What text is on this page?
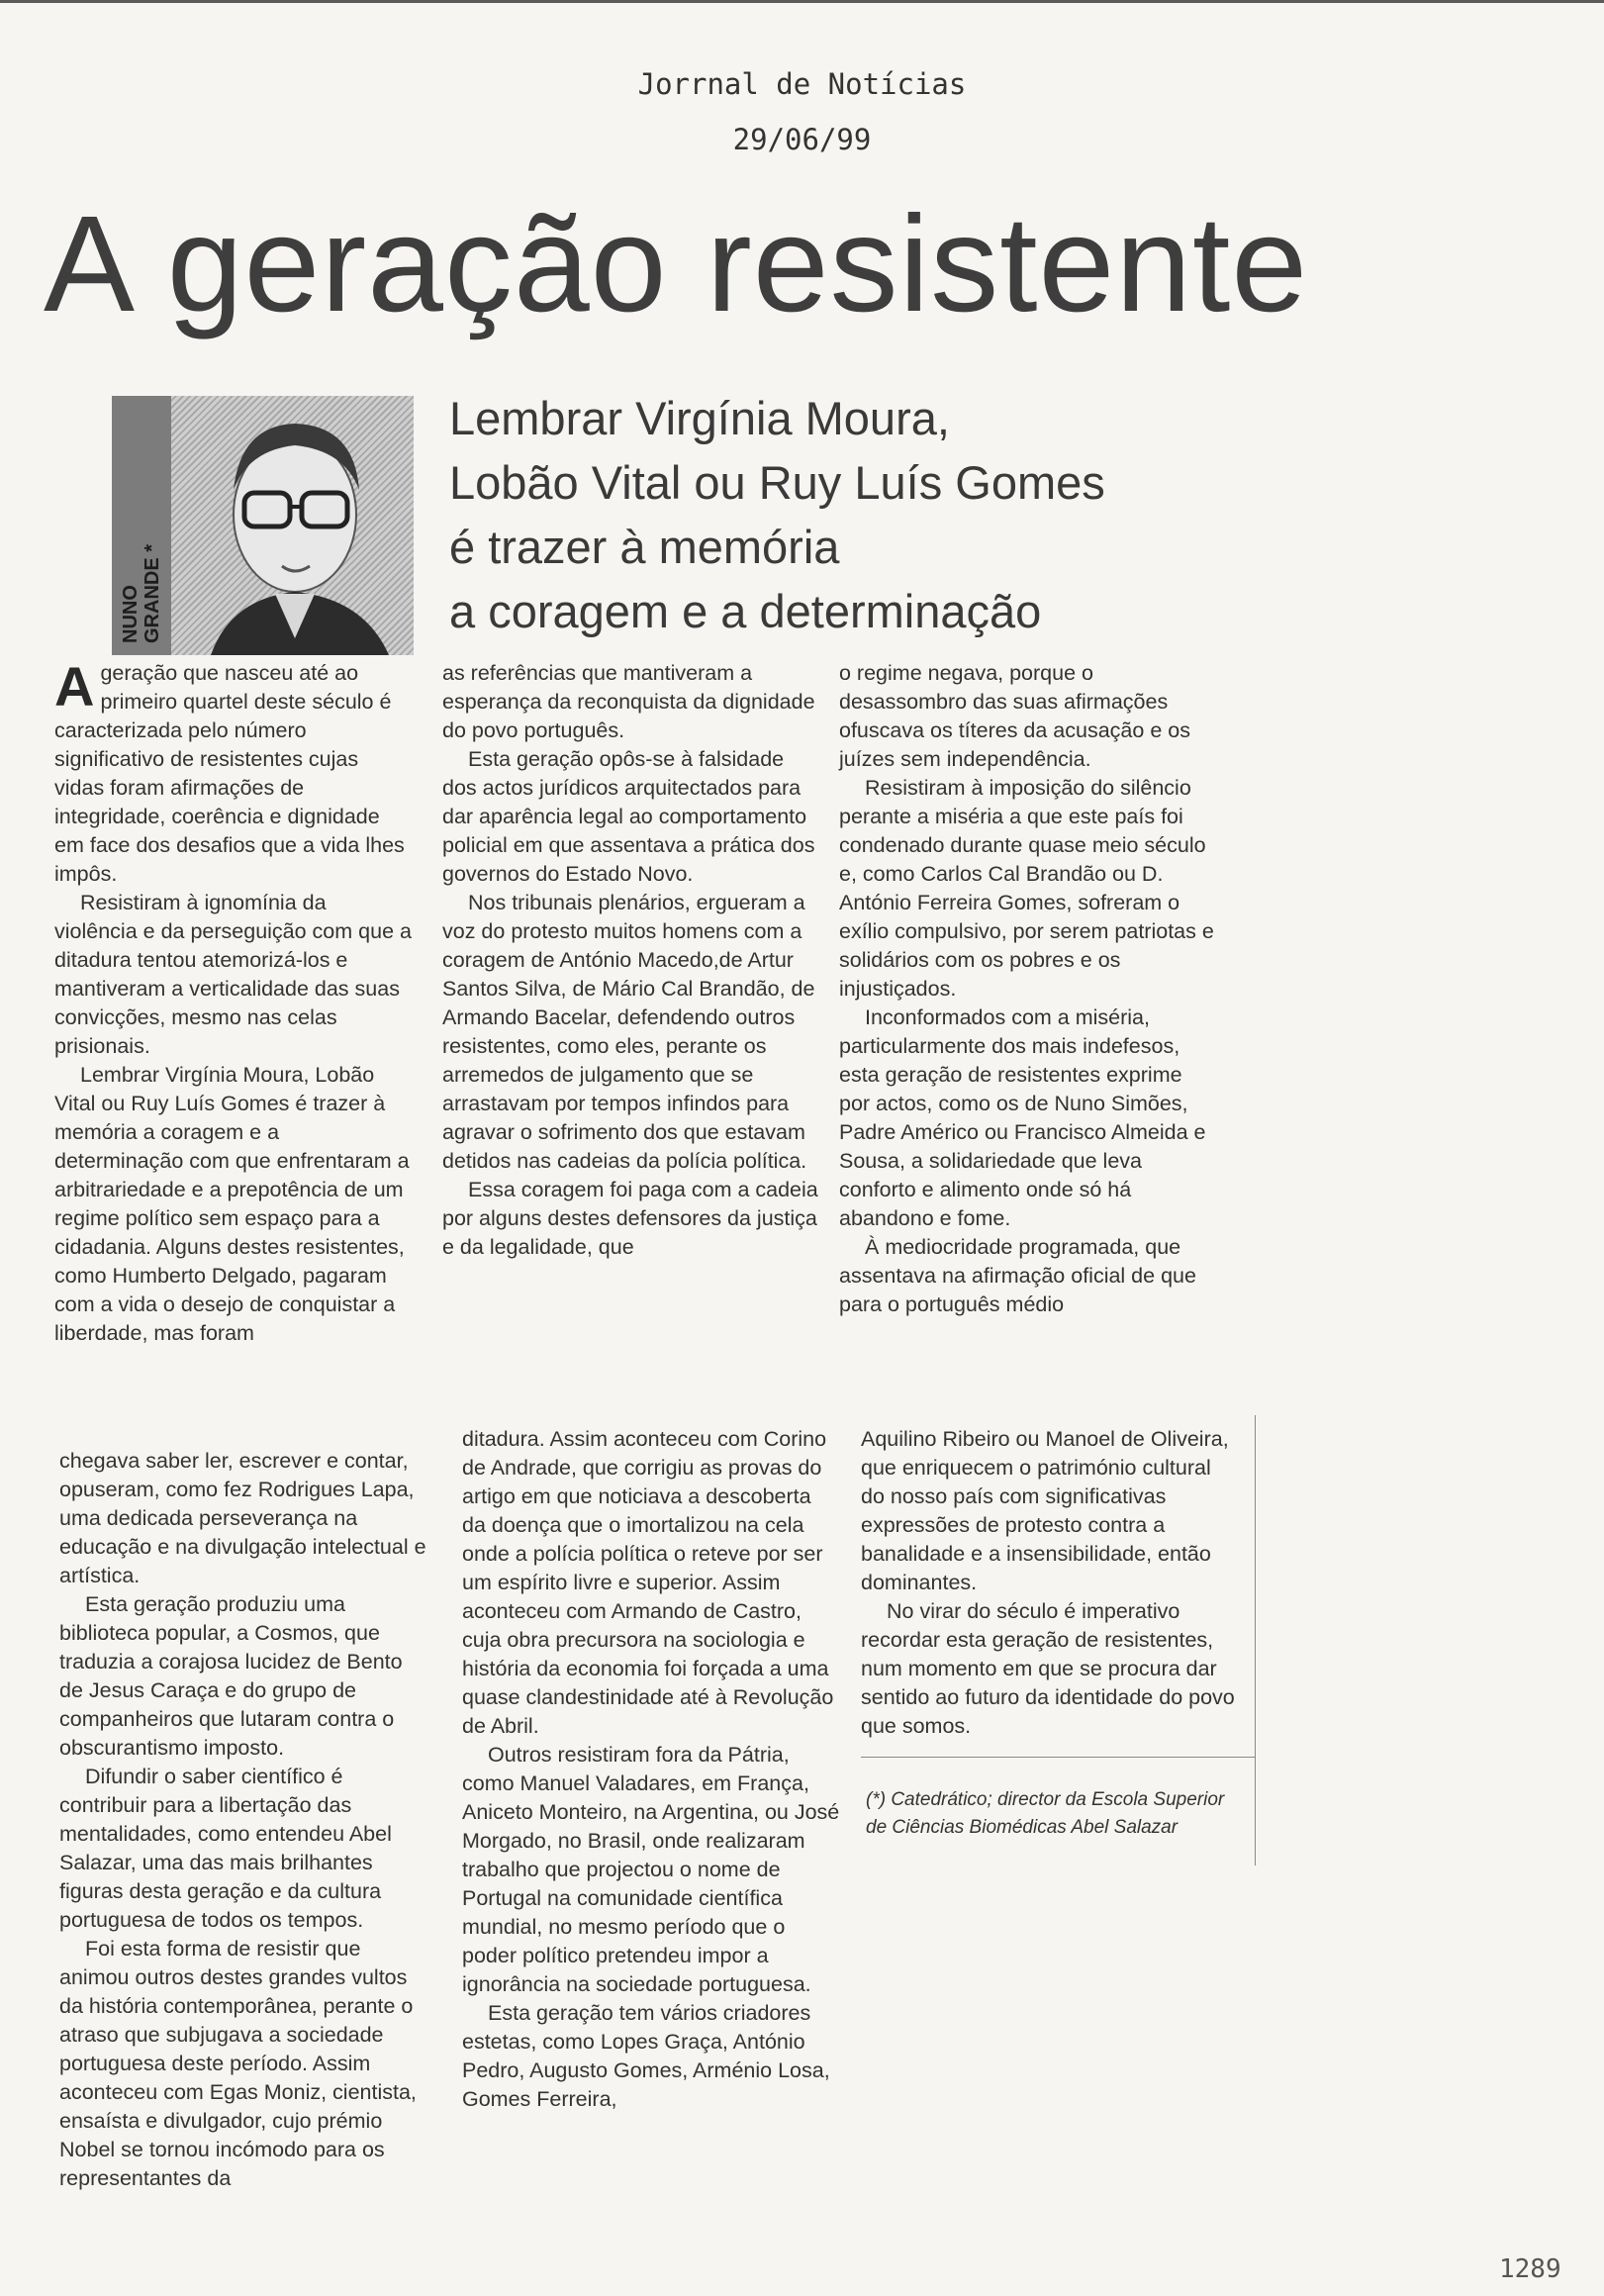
Jorrnal de Notícias
29/06/99
A geração resistente
NUNO
GRANDE *
Lembrar Virgínia Moura,
Lobão Vital ou Ruy Luís Gomes
é trazer à memória
a coragem e a determinação

Ageração que nasceu até ao primeiro quartel deste século é caracterizada pelo número significativo de resistentes cujas vidas foram afirmações de integridade, coerência e dignidade em face dos desafios que a vida lhes impôs.

Resistiram à ignomínia da violência e da perseguição com que a ditadura tentou atemorizá-los e mantiveram a verticalidade das suas convicções, mesmo nas celas prisionais.

Lembrar Virgínia Moura, Lobão Vital ou Ruy Luís Gomes é trazer à memória a coragem e a determinação com que enfrentaram a arbitrariedade e a prepotência de um regime político sem espaço para a cidadania. Alguns destes resistentes, como Humberto Delgado, pagaram com a vida o desejo de conquistar a liberdade, mas foram

as referências que mantiveram a esperança da reconquista da dignidade do povo português.

Esta geração opôs-se à falsidade dos actos jurídicos arquitectados para dar aparência legal ao comportamento policial em que assentava a prática dos governos do Estado Novo.

Nos tribunais plenários, ergueram a voz do protesto muitos homens com a coragem de António Macedo,de Artur Santos Silva, de Mário Cal Brandão, de Armando Bacelar, defendendo outros resistentes, como eles, perante os arremedos de julgamento que se arrastavam por tempos infindos para agravar o sofrimento dos que estavam detidos nas cadeias da polícia política.

Essa coragem foi paga com a cadeia por alguns destes defensores da justiça e da legalidade, que

o regime negava, porque o desassombro das suas afirmações ofuscava os títeres da acusação e os juízes sem independência.

Resistiram à imposição do silêncio perante a miséria a que este país foi condenado durante quase meio século e, como Carlos Cal Brandão ou D. António Ferreira Gomes, sofreram o exílio compulsivo, por serem patriotas e solidários com os pobres e os injustiçados.

Inconformados com a miséria, particularmente dos mais indefesos, esta geração de resistentes exprime por actos, como os de Nuno Simões, Padre Américo ou Francisco Almeida e Sousa, a solidariedade que leva conforto e alimento onde só há abandono e fome.

À mediocridade programada, que assentava na afirmação oficial de que para o português médio

chegava saber ler, escrever e contar, opuseram, como fez Rodrigues Lapa, uma dedicada perseverança na educação e na divulgação intelectual e artística.

Esta geração produziu uma biblioteca popular, a Cosmos, que traduzia a corajosa lucidez de Bento de Jesus Caraça e do grupo de companheiros que lutaram contra o obscurantismo imposto.

Difundir o saber científico é contribuir para a libertação das mentalidades, como entendeu Abel Salazar, uma das mais brilhantes figuras desta geração e da cultura portuguesa de todos os tempos.

Foi esta forma de resistir que animou outros destes grandes vultos da história contemporânea, perante o atraso que subjugava a sociedade portuguesa deste período. Assim aconteceu com Egas Moniz, cientista, ensaísta e divulgador, cujo prémio Nobel se tornou incómodo para os representantes da

ditadura. Assim aconteceu com Corino de Andrade, que corrigiu as provas do artigo em que noticiava a descoberta da doença que o imortalizou na cela onde a polícia política o reteve por ser um espírito livre e superior. Assim aconteceu com Armando de Castro, cuja obra precursora na sociologia e história da economia foi forçada a uma quase clandestinidade até à Revolução de Abril.

Outros resistiram fora da Pátria, como Manuel Valadares, em França, Aniceto Monteiro, na Argentina, ou José Morgado, no Brasil, onde realizaram trabalho que projectou o nome de Portugal na comunidade científica mundial, no mesmo período que o poder político pretendeu impor a ignorância na sociedade portuguesa.

Esta geração tem vários criadores estetas, como Lopes Graça, António Pedro, Augusto Gomes, Arménio Losa, Gomes Ferreira,

Aquilino Ribeiro ou Manoel de Oliveira, que enriquecem o património cultural do nosso país com significativas expressões de protesto contra a banalidade e a insensibilidade, então dominantes.

No virar do século é imperativo recordar esta geração de resistentes, num momento em que se procura dar sentido ao futuro da identidade do povo que somos.

(*) Catedrático; director da Escola Superior de Ciências Biomédicas Abel Salazar
1289
